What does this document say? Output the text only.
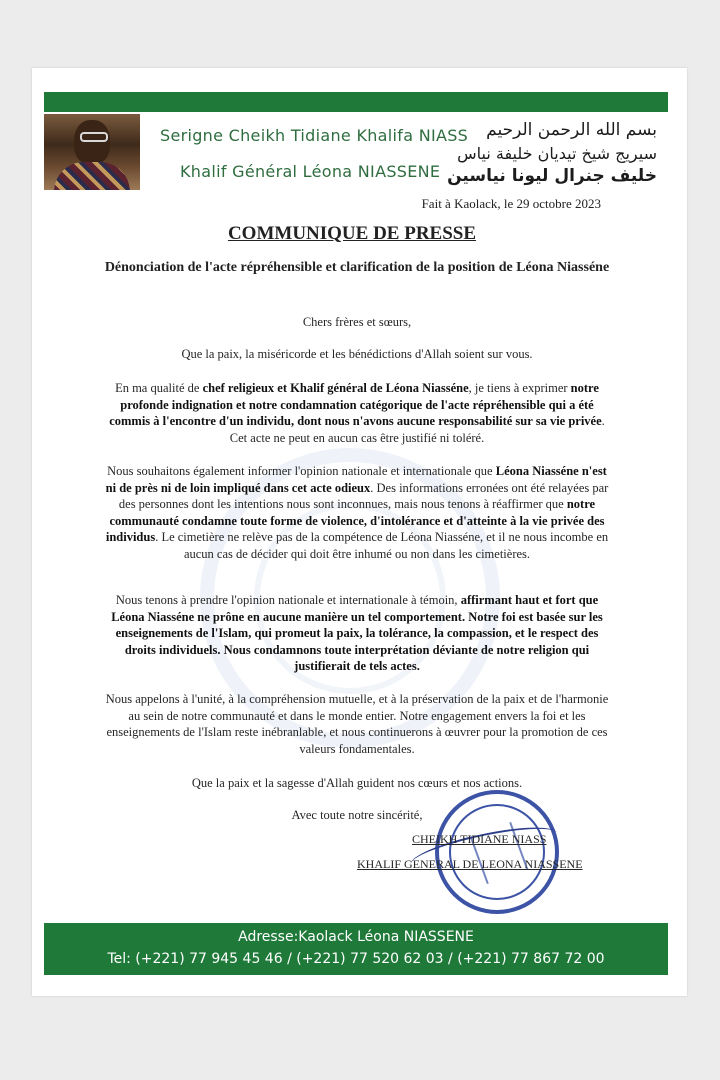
Serigne Cheikh Tidiane Khalifa NIASS
Khalif Général Léona NIASSENE
بسم الله الرحمن الرحيم
سيريج شيخ تيديان خليفة نياس
خليف جنرال ليونا نياسين
Fait à Kaolack, le 29 octobre 2023
COMMUNIQUE DE PRESSE
Dénonciation de l'acte répréhensible et clarification de la position de Léona Niasséne
Chers frères et sœurs,
Que la paix, la miséricorde et les bénédictions d'Allah soient sur vous.
En ma qualité de chef religieux et Khalif général de Léona Niasséne, je tiens à exprimer notre profonde indignation et notre condamnation catégorique de l'acte répréhensible qui a été commis à l'encontre d'un individu, dont nous n'avons aucune responsabilité sur sa vie privée. Cet acte ne peut en aucun cas être justifié ni toléré.
Nous souhaitons également informer l'opinion nationale et internationale que Léona Niasséne n'est ni de près ni de loin impliqué dans cet acte odieux. Des informations erronées ont été relayées par des personnes dont les intentions nous sont inconnues, mais nous tenons à réaffirmer que notre communauté condamne toute forme de violence, d'intolérance et d'atteinte à la vie privée des individus. Le cimetière ne relève pas de la compétence de Léona Niasséne, et il ne nous incombe en aucun cas de décider qui doit être inhumé ou non dans les cimetières.
Nous tenons à prendre l'opinion nationale et internationale à témoin, affirmant haut et fort que Léona Niasséne ne prône en aucune manière un tel comportement. Notre foi est basée sur les enseignements de l'Islam, qui promeut la paix, la tolérance, la compassion, et le respect des droits individuels. Nous condamnons toute interprétation déviante de notre religion qui justifierait de tels actes.
Nous appelons à l'unité, à la compréhension mutuelle, et à la préservation de la paix et de l'harmonie au sein de notre communauté et dans le monde entier. Notre engagement envers la foi et les enseignements de l'Islam reste inébranlable, et nous continuerons à œuvrer pour la promotion de ces valeurs fondamentales.
Que la paix et la sagesse d'Allah guident nos cœurs et nos actions.
Avec toute notre sincérité,
CHEIKH TIDIANE NIASS
KHALIF GENERAL DE LEONA NIASSENE
Adresse:Kaolack Léona NIASSENE
Tel: (+221) 77 945 45 46 / (+221) 77 520 62 03 / (+221) 77 867 72 00
